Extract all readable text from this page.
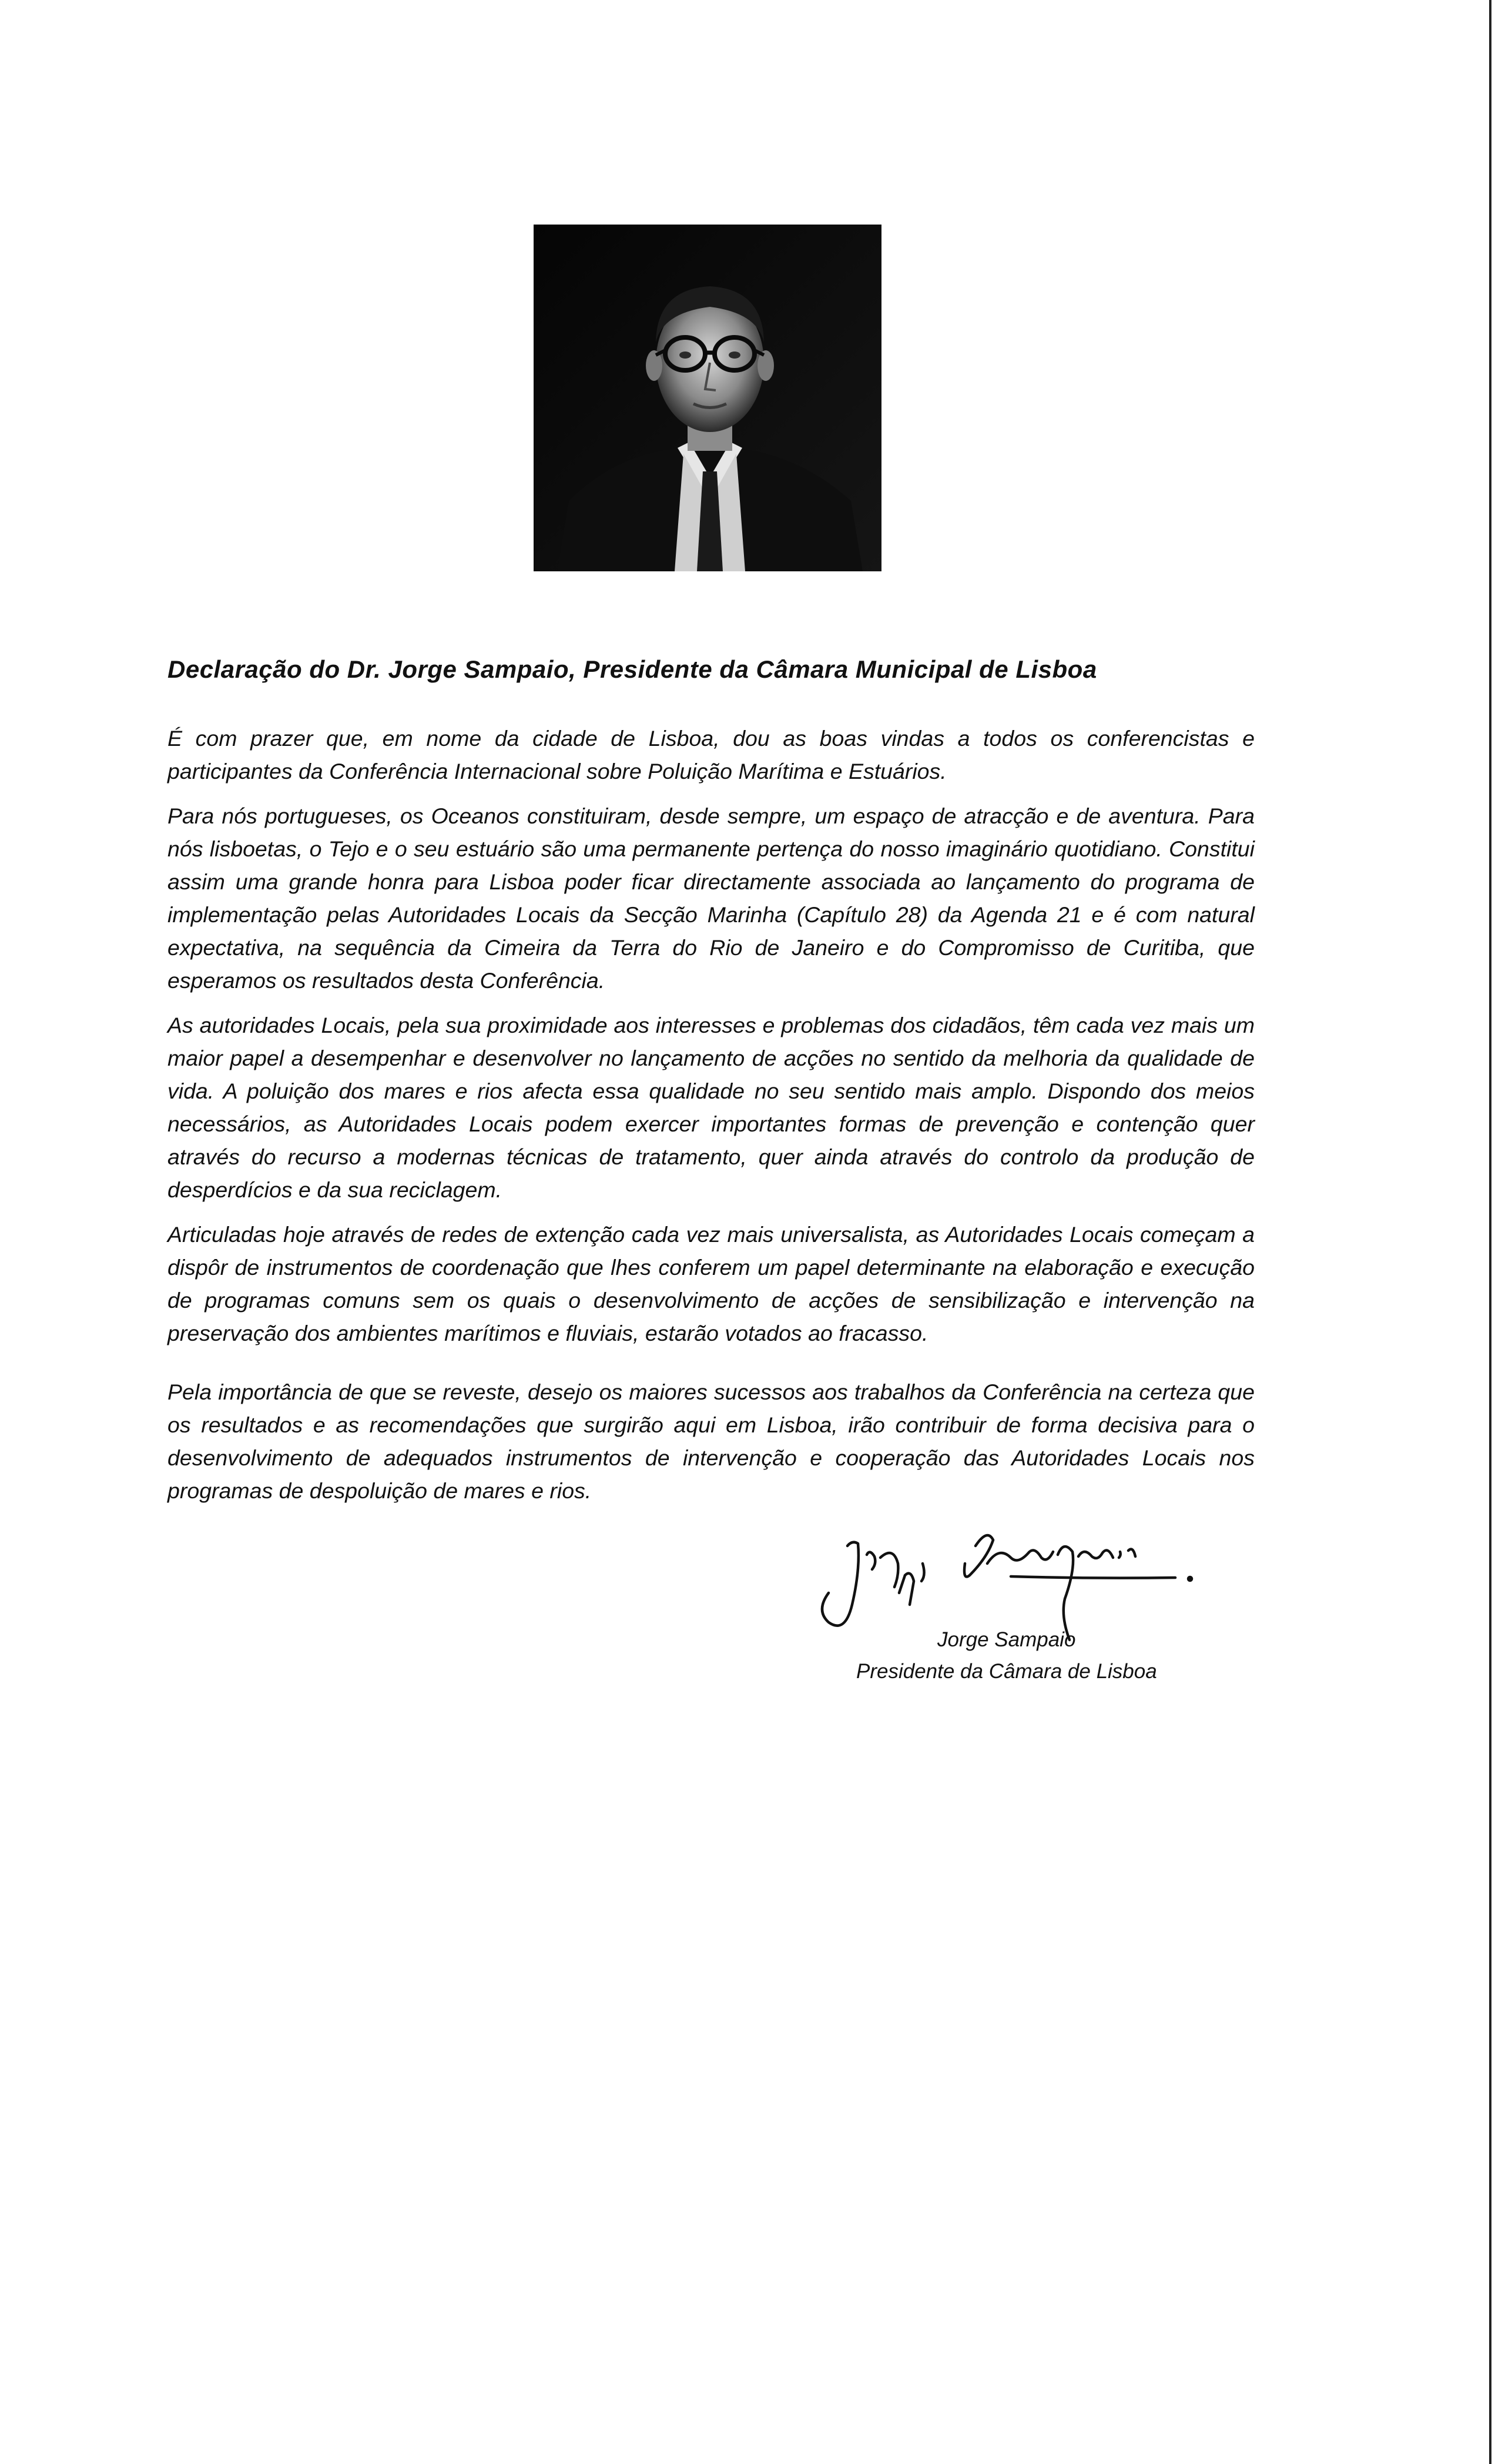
Declaração do Dr. Jorge Sampaio, Presidente da Câmara Municipal de Lisboa

É com prazer que, em nome da cidade de Lisboa, dou as boas vindas a todos os conferencistas e participantes da Conferência Internacional sobre Poluição Marítima e Estuários.

Para nós portugueses, os Oceanos constituiram, desde sempre, um espaço de atracção e de aventura. Para nós lisboetas, o Tejo e o seu estuário são uma permanente pertença do nosso imaginário quotidiano. Constitui assim uma grande honra para Lisboa poder ficar directamente associada ao lançamento do programa de implementação pelas Autoridades Locais da Secção Marinha (Capítulo 28) da Agenda 21 e é com natural expectativa, na sequência da Cimeira da Terra do Rio de Janeiro e do Compromisso de Curitiba, que esperamos os resultados desta Conferência.

As autoridades Locais, pela sua proximidade aos interesses e problemas dos cidadãos, têm cada vez mais um maior papel a desempenhar e desenvolver no lançamento de acções no sentido da melhoria da qualidade de vida. A poluição dos mares e rios afecta essa qualidade no seu sentido mais amplo. Dispondo dos meios necessários, as Autoridades Locais podem exercer importantes formas de prevenção e contenção quer através do recurso a modernas técnicas de tratamento, quer ainda através do controlo da produção de desperdícios e da sua reciclagem.

Articuladas hoje através de redes de extenção cada vez mais universalista, as Autoridades Locais começam a dispôr de instrumentos de coordenação que lhes conferem um papel determinante na elaboração e execução de programas comuns sem os quais o desenvolvimento de acções de sensibilização e intervenção na preservação dos ambientes marítimos e fluviais, estarão votados ao fracasso.

Pela importância de que se reveste, desejo os maiores sucessos aos trabalhos da Conferência na certeza que os resultados e as recomendações que surgirão aqui em Lisboa, irão contribuir de forma decisiva para o desenvolvimento de adequados instrumentos de intervenção e cooperação das Autoridades Locais nos programas de despoluição de mares e rios.

Jorge Sampaio

Presidente da Câmara de Lisboa
